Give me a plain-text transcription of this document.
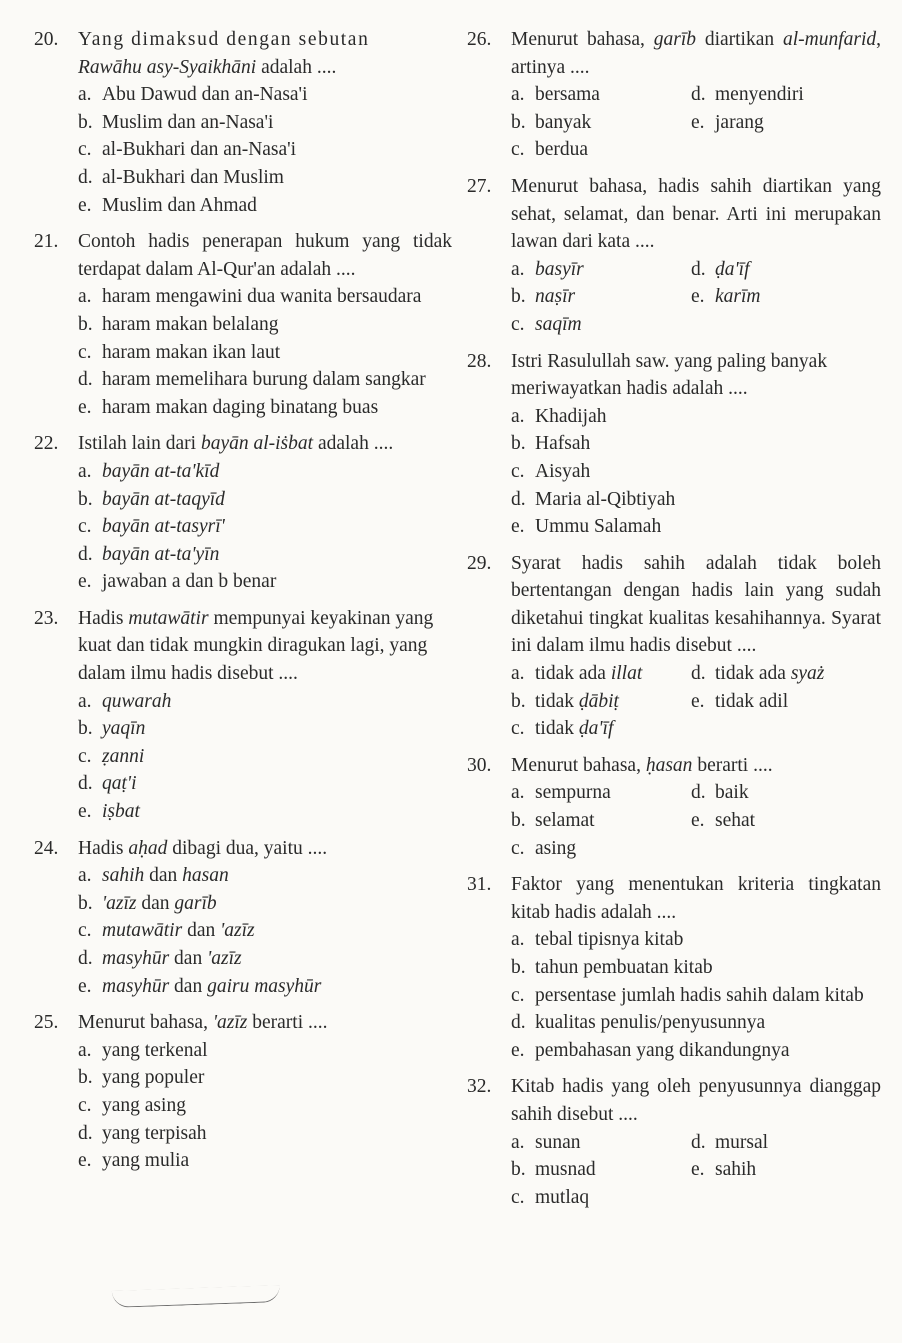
20.	Yang dimaksud dengan sebutan
Rawāhu asy-Syaikhāni adalah ....
a. Abu Dawud dan an-Nasa'i
b. Muslim dan an-Nasa'i
c. al-Bukhari dan an-Nasa'i
d. al-Bukhari dan Muslim
e. Muslim dan Ahmad
21.	Contoh hadis penerapan hukum yang tidak terdapat dalam Al-Qur'an adalah ....
a. haram mengawini dua wanita bersaudara
b. haram makan belalang
c. haram makan ikan laut
d. haram memelihara burung dalam sangkar
e. haram makan daging binatang buas
22.	Istilah lain dari bayān al-iṡbat adalah ....
a. bayān at-ta'kīd
b. bayān at-taqyīd
c. bayān at-tasyrī'
d. bayān at-ta'yīn
e. jawaban a dan b benar
23.	Hadis mutawātir mempunyai keyakinan yang kuat dan tidak mungkin diragukan lagi, yang dalam ilmu hadis disebut ....
a. quwarah
b. yaqīn
c. ẓanni
d. qaṭ'i
e. iṣbat
24.	Hadis aḥad dibagi dua, yaitu ....
a. sahih dan hasan
b. 'azīz dan garīb
c. mutawātir dan 'azīz
d. masyhūr dan 'azīz
e. masyhūr dan gairu masyhūr
25.	Menurut bahasa, 'azīz berarti ....
a. yang terkenal
b. yang populer
c. yang asing
d. yang terpisah
e. yang mulia
26.	Menurut bahasa, garīb diartikan al-munfarid, artinya ....
a. bersama	d. menyendiri
b. banyak	e. jarang
c. berdua
27.	Menurut bahasa, hadis sahih diartikan yang sehat, selamat, dan benar. Arti ini merupakan lawan dari kata ....
a. basyīr	d. ḍa'īf
b. naṣīr	e. karīm
c. saqīm
28.	Istri Rasulullah saw. yang paling banyak meriwayatkan hadis adalah ....
a. Khadijah
b. Hafsah
c. Aisyah
d. Maria al-Qibtiyah
e. Ummu Salamah
29.	Syarat hadis sahih adalah tidak boleh bertentangan dengan hadis lain yang sudah diketahui tingkat kualitas kesahihannya. Syarat ini dalam ilmu hadis disebut ....
a. tidak ada illat	d. tidak ada syaż
b. tidak ḍābiṭ	e. tidak adil
c. tidak ḍa'īf
30.	Menurut bahasa, ḥasan berarti ....
a. sempurna	d. baik
b. selamat	e. sehat
c. asing
31.	Faktor yang menentukan kriteria tingkatan kitab hadis adalah ....
a. tebal tipisnya kitab
b. tahun pembuatan kitab
c. persentase jumlah hadis sahih dalam kitab
d. kualitas penulis/penyusunnya
e. pembahasan yang dikandungnya
32.	Kitab hadis yang oleh penyusunnya dianggap sahih disebut ....
a. sunan	d. mursal
b. musnad	e. sahih
c. mutlaq
